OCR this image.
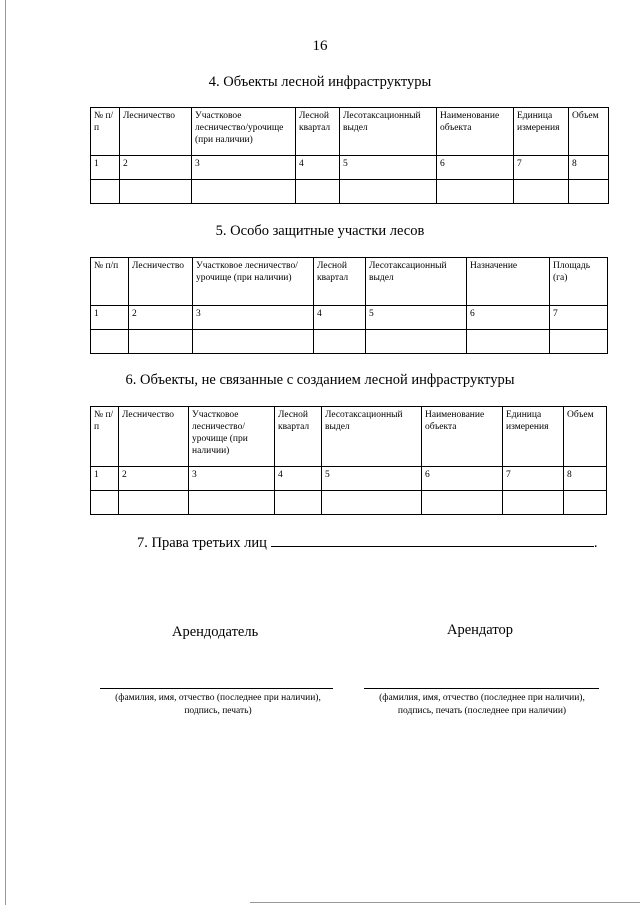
16
4. Объекты лесной инфраструктуры
№ п/п	Лесничество	Участковое лесничество/урочище (при наличии)	Лесной квартал	Лесотаксационный выдел	Наименование объекта	Единица измерения	Объем
1	2	3	4	5	6	7	8

5. Особо защитные участки лесов
№ п/п	Лесничество	Участковое лесничество/урочище (при наличии)	Лесной квартал	Лесотаксационный выдел	Назначение	Площадь (га)
1	2	3	4	5	6	7

6. Объекты, не связанные с созданием лесной инфраструктуры
№ п/п	Лесничество	Участковое лесничество/ урочище (при наличии)	Лесной квартал	Лесотаксационный выдел	Наименование объекта	Единица измерения	Объем
1	2	3	4	5	6	7	8

7. Права третьих лиц	.
Арендодатель	Арендатор
(фамилия, имя, отчество (последнее при наличии), подпись, печать)
(фамилия, имя, отчество (последнее при наличии), подпись, печать (последнее при наличии)
